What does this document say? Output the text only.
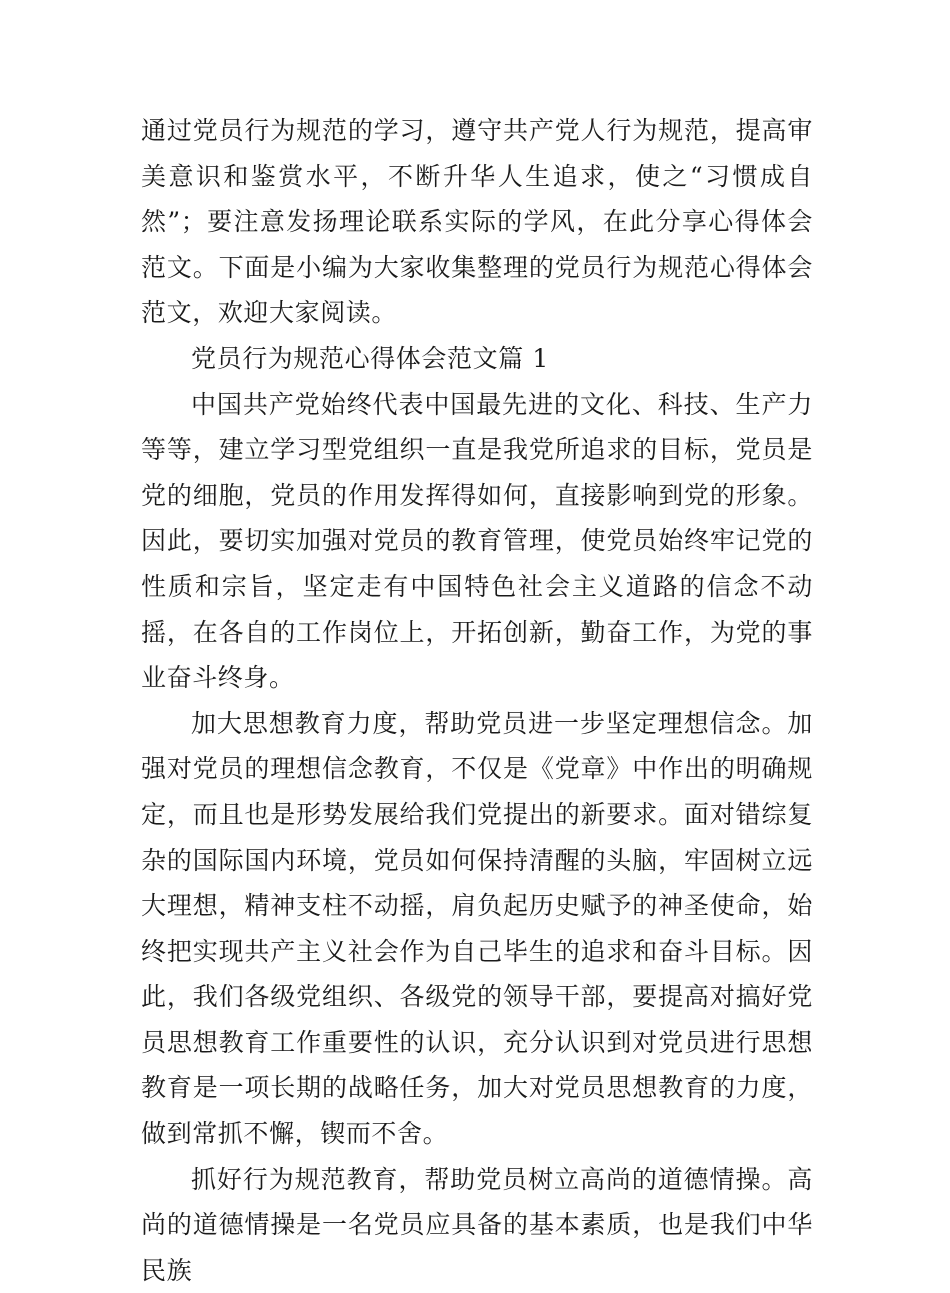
通过党员行为规范的学习，遵守共产党人行为规范，提高审美意识和鉴赏水平，不断升华人生追求，使之“习惯成自然”；要注意发扬理论联系实际的学风，在此分享心得体会范文。下面是小编为大家收集整理的党员行为规范心得体会范文，欢迎大家阅读。

党员行为规范心得体会范文篇 1

中国共产党始终代表中国最先进的文化、科技、生产力等等，建立学习型党组织一直是我党所追求的目标，党员是党的细胞，党员的作用发挥得如何，直接影响到党的形象。因此，要切实加强对党员的教育管理，使党员始终牢记党的性质和宗旨，坚定走有中国特色社会主义道路的信念不动摇，在各自的工作岗位上，开拓创新，勤奋工作，为党的事业奋斗终身。

加大思想教育力度，帮助党员进一步坚定理想信念。加强对党员的理想信念教育，不仅是《党章》中作出的明确规定，而且也是形势发展给我们党提出的新要求。面对错综复杂的国际国内环境，党员如何保持清醒的头脑，牢固树立远大理想，精神支柱不动摇，肩负起历史赋予的神圣使命，始终把实现共产主义社会作为自己毕生的追求和奋斗目标。因此，我们各级党组织、各级党的领导干部，要提高对搞好党员思想教育工作重要性的认识，充分认识到对党员进行思想教育是一项长期的战略任务，加大对党员思想教育的力度，做到常抓不懈，锲而不舍。

抓好行为规范教育，帮助党员树立高尚的道德情操。高尚的道德情操是一名党员应具备的基本素质，也是我们中华民族
